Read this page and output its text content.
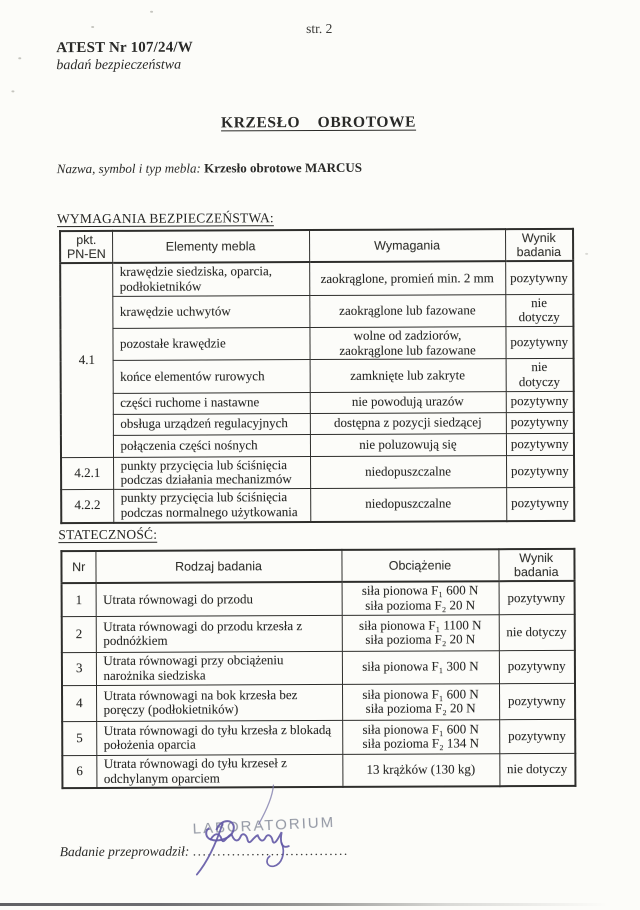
str. 2
ATEST Nr 107/24/W
badań bezpieczeństwa
KRZESŁO OBROTOWE
Nazwa, symbol i typ mebla: Krzesło obrotowe MARCUS
WYMAGANIA BEZPIECZEŃSTWA:
pkt.
PN-EN	Elementy mebla	Wymagania	Wynik
badania
4.1	krawędzie siedziska, oparcia, podłokietników	zaokrąglone, promień min. 2 mm	pozytywny
	krawędzie uchwytów	zaokrąglone lub fazowane	nie dotyczy
	pozostałe krawędzie	wolne od zadziorów,
zaokrąglone lub fazowane	pozytywny
	końce elementów rurowych	zamknięte lub zakryte	nie dotyczy
	części ruchome i nastawne	nie powodują urazów	pozytywny
	obsługa urządzeń regulacyjnych	dostępna z pozycji siedzącej	pozytywny
	połączenia części nośnych	nie poluzowują się	pozytywny
4.2.1	punkty przycięcia lub ściśnięcia podczas działania mechanizmów	niedopuszczalne	pozytywny
4.2.2	punkty przycięcia lub ściśnięcia podczas normalnego użytkowania	niedopuszczalne	pozytywny
STATECZNOŚĆ:
Nr	Rodzaj badania	Obciążenie	Wynik
badania
1	Utrata równowagi do przodu	siła pionowa F₁ 600 N
siła pozioma F₂ 20 N	pozytywny
2	Utrata równowagi do przodu krzesła z podnóżkiem	siła pionowa F₁ 1100 N
siła pozioma F₂ 20 N	nie dotyczy
3	Utrata równowagi przy obciążeniu narożnika siedziska	siła pionowa F₁ 300 N	pozytywny
4	Utrata równowagi na bok krzesła bez poręczy (podłokietników)	siła pionowa F₁ 600 N
siła pozioma F₂ 20 N	pozytywny
5	Utrata równowagi do tyłu krzesła z blokadą położenia oparcia	siła pionowa F₁ 600 N
siła pozioma F₂ 134 N	pozytywny
6	Utrata równowagi do tyłu krzeseł z odchylanym oparciem	13 krążków (130 kg)	nie dotyczy
LABORATORIUM
Badanie przeprowadził: ................................
